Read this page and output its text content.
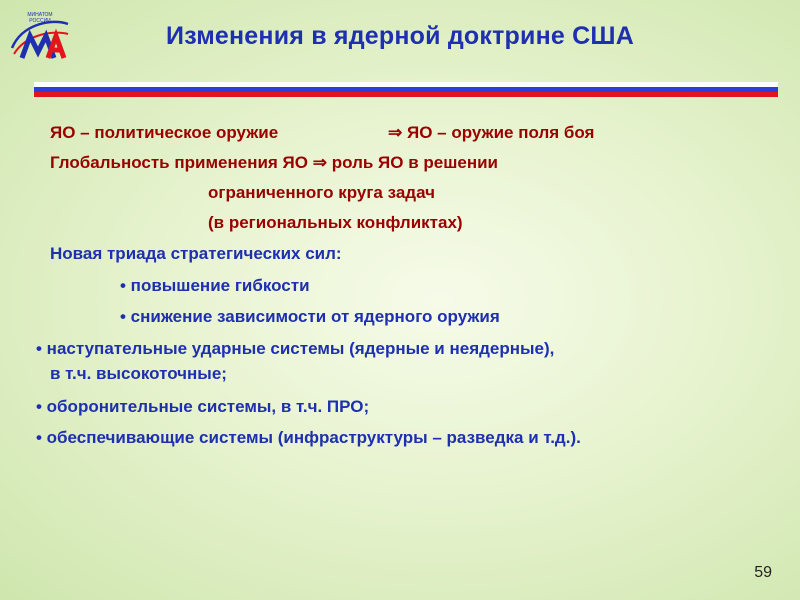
МИНАТОМ
РОССИИ
Изменения в ядерной доктрине США
ЯО – политическое оружие	⇒ ЯО – оружие поля боя
Глобальность применения ЯО ⇒ роль ЯО в решении
ограниченного круга задач
(в региональных конфликтах)
Новая триада стратегических сил:
• повышение гибкости
• снижение зависимости от ядерного оружия
• наступательные ударные системы (ядерные и неядерные),
в т.ч. высокоточные;
• оборонительные системы, в т.ч. ПРО;
• обеспечивающие системы (инфраструктуры – разведка и т.д.).
59
